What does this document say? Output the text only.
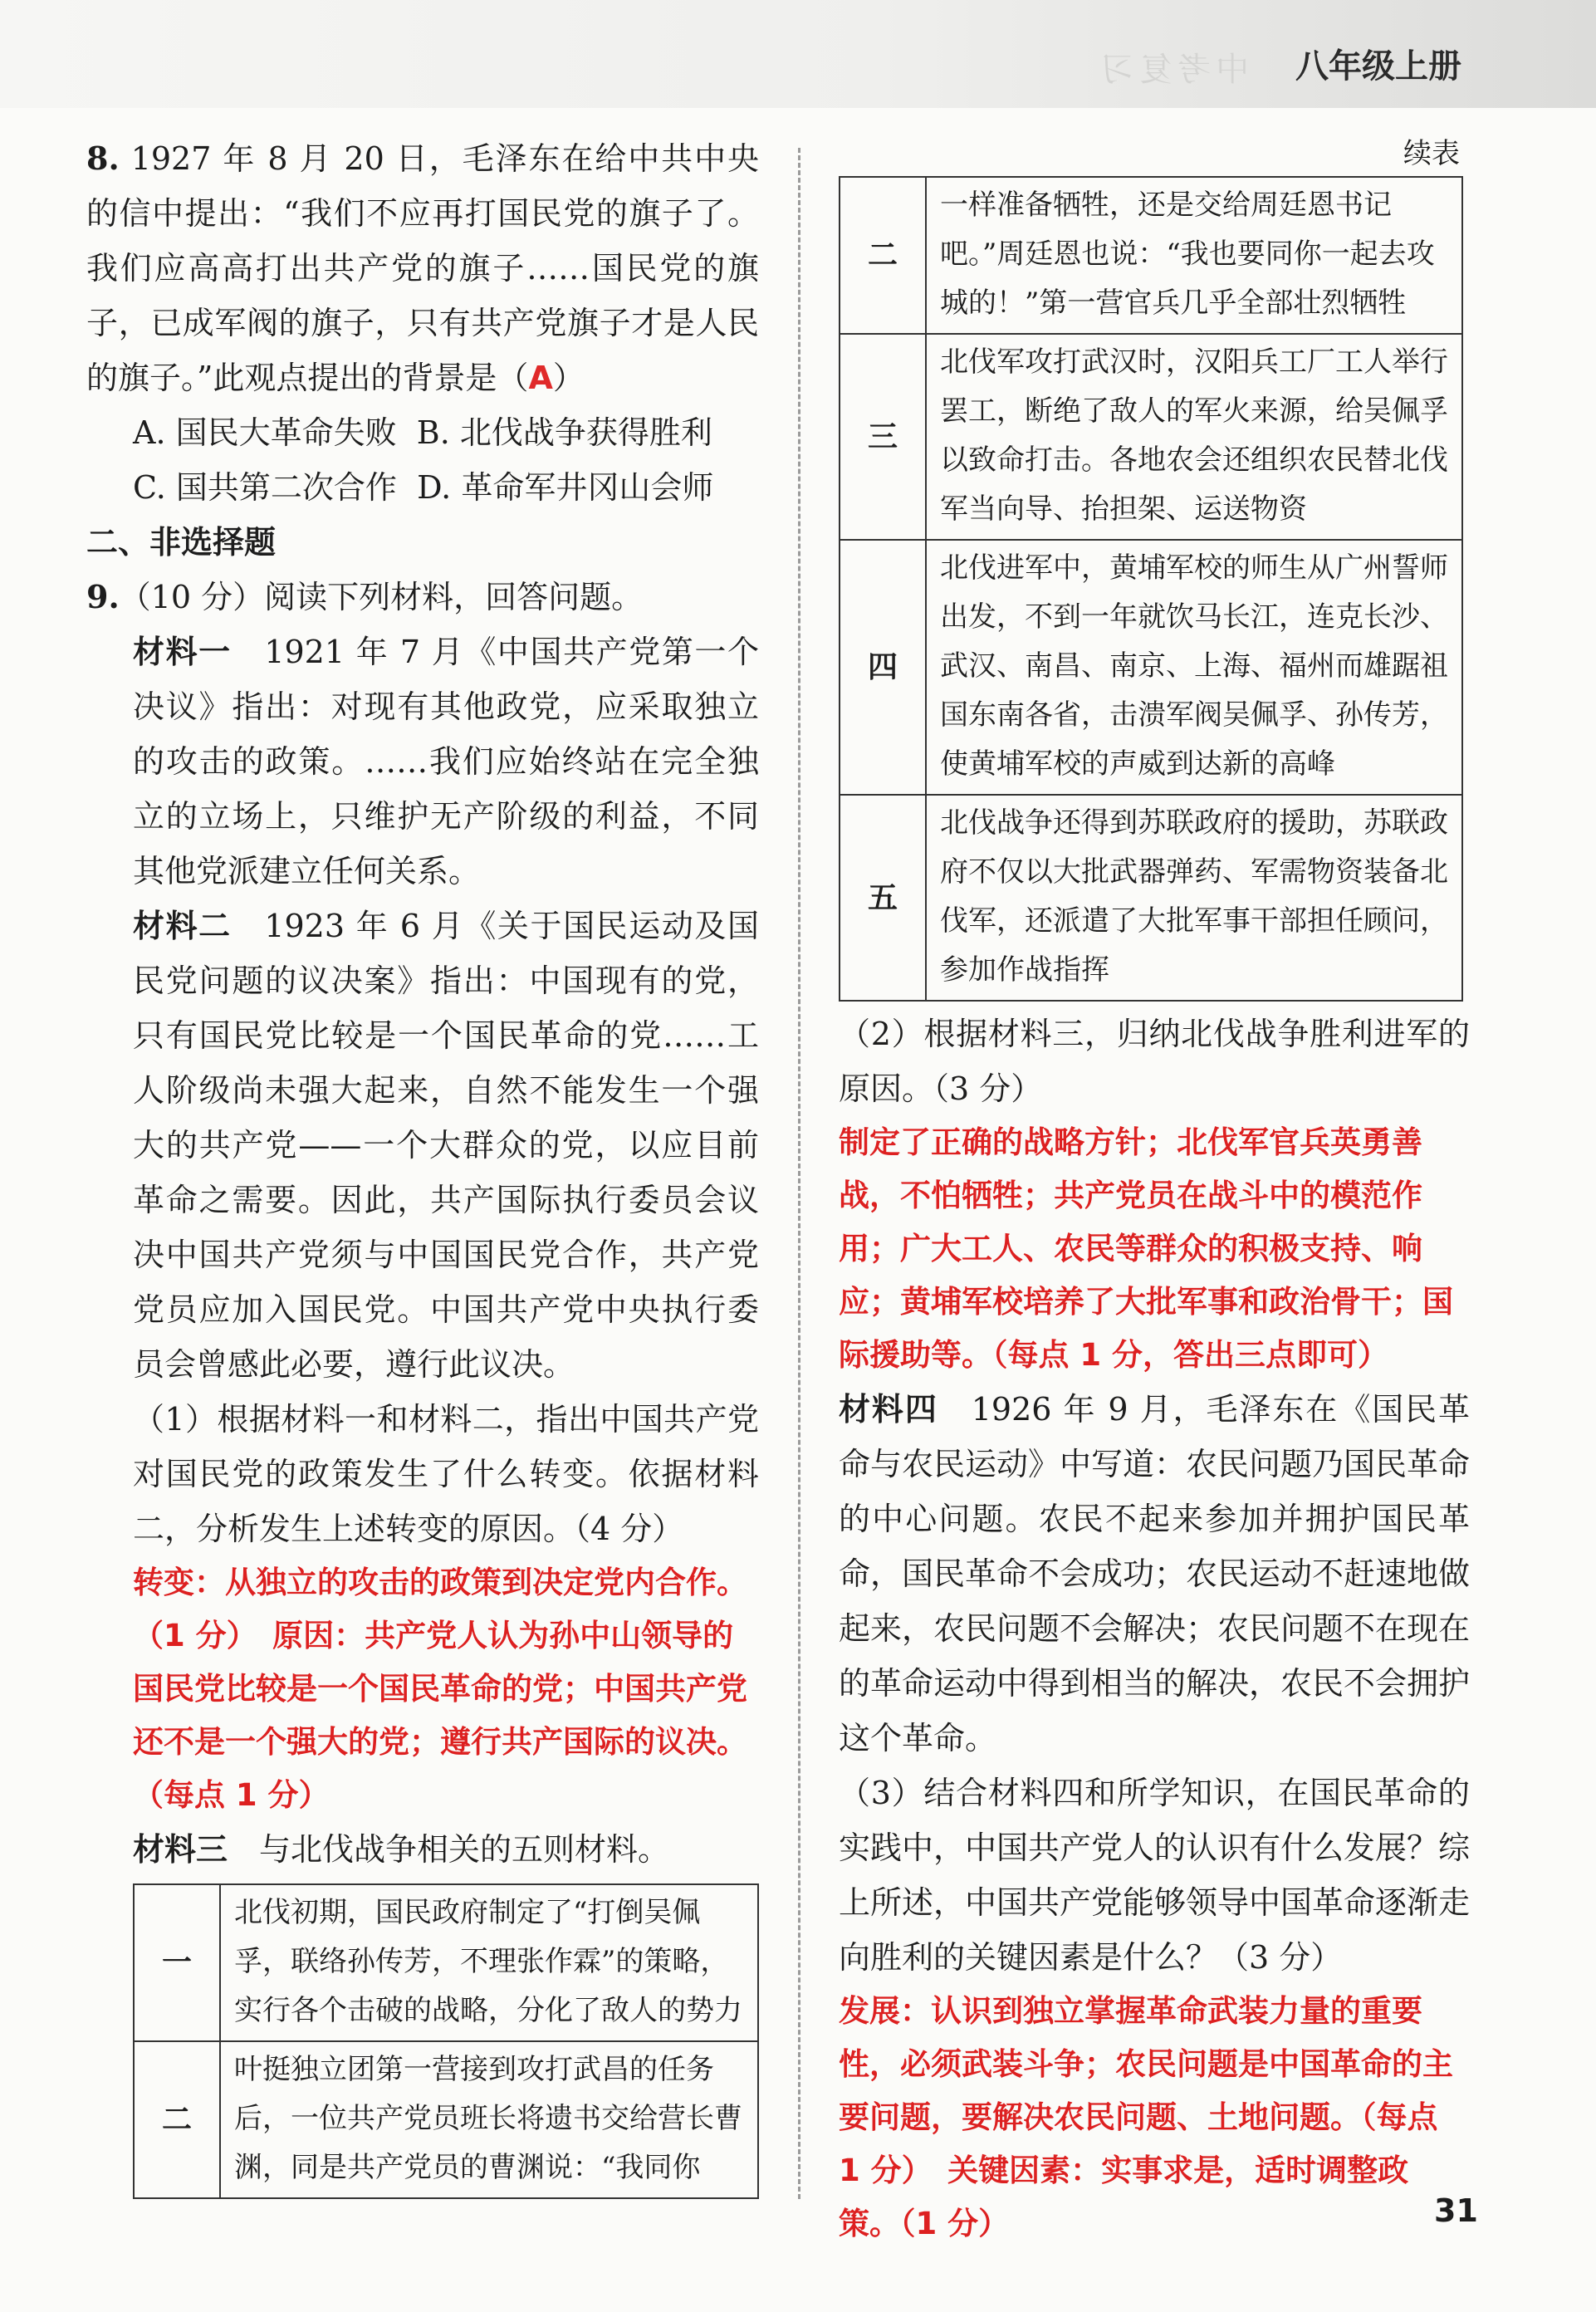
中考复习 八年级上册

8. 1927 年 8 月 20 日，毛泽东在给中共中央的信中提出：“我们不应再打国民党的旗子了。我们应高高打出共产党的旗子……国民党的旗子，已成军阀的旗子，只有共产党旗子才是人民的旗子。”此观点提出的背景是（A）

A. 国民大革命失败 B. 北伐战争获得胜利

C. 国共第二次合作 D. 革命军井冈山会师

二、非选择题

9.（10 分）阅读下列材料，回答问题。

材料一　1921 年 7 月《中国共产党第一个决议》指出：对现有其他政党，应采取独立的攻击的政策。……我们应始终站在完全独立的立场上，只维护无产阶级的利益，不同其他党派建立任何关系。

材料二　1923 年 6 月《关于国民运动及国民党问题的议决案》指出：中国现有的党，只有国民党比较是一个国民革命的党……工人阶级尚未强大起来，自然不能发生一个强大的共产党——一个大群众的党，以应目前革命之需要。因此，共产国际执行委员会议决中国共产党须与中国国民党合作，共产党党员应加入国民党。中国共产党中央执行委员会曾感此必要，遵行此议决。

（1）根据材料一和材料二，指出中国共产党对国民党的政策发生了什么转变。依据材料二，分析发生上述转变的原因。（4 分）

转变：从独立的攻击的政策到决定党内合作。（1 分）　原因：共产党人认为孙中山领导的国民党比较是一个国民革命的党；中国共产党还不是一个强大的党；遵行共产国际的议决。（每点 1 分）

材料三　与北伐战争相关的五则材料。

一	北伐初期，国民政府制定了“打倒吴佩孚，联络孙传芳，不理张作霖”的策略，实行各个击破的战略，分化了敌人的势力
二	叶挺独立团第一营接到攻打武昌的任务后，一位共产党员班长将遗书交给营长曹渊，同是共产党员的曹渊说：“我同你

续表

二	一样准备牺牲，还是交给周廷恩书记吧。”周廷恩也说：“我也要同你一起去攻城的！”第一营官兵几乎全部壮烈牺牲
三	北伐军攻打武汉时，汉阳兵工厂工人举行罢工，断绝了敌人的军火来源，给吴佩孚以致命打击。各地农会还组织农民替北伐军当向导、抬担架、运送物资
四	北伐进军中，黄埔军校的师生从广州誓师出发，不到一年就饮马长江，连克长沙、武汉、南昌、南京、上海、福州而雄踞祖国东南各省，击溃军阀吴佩孚、孙传芳，使黄埔军校的声威到达新的高峰
五	北伐战争还得到苏联政府的援助，苏联政府不仅以大批武器弹药、军需物资装备北伐军，还派遣了大批军事干部担任顾问，参加作战指挥

（2）根据材料三，归纳北伐战争胜利进军的原因。（3 分）

制定了正确的战略方针；北伐军官兵英勇善战，不怕牺牲；共产党员在战斗中的模范作用；广大工人、农民等群众的积极支持、响应；黄埔军校培养了大批军事和政治骨干；国际援助等。（每点 1 分，答出三点即可）

材料四　1926 年 9 月，毛泽东在《国民革命与农民运动》中写道：农民问题乃国民革命的中心问题。农民不起来参加并拥护国民革命，国民革命不会成功；农民运动不赶速地做起来，农民问题不会解决；农民问题不在现在的革命运动中得到相当的解决，农民不会拥护这个革命。

（3）结合材料四和所学知识，在国民革命的实践中，中国共产党人的认识有什么发展？综上所述，中国共产党能够领导中国革命逐渐走向胜利的关键因素是什么？（3 分）

发展：认识到独立掌握革命武装力量的重要性，必须武装斗争；农民问题是中国革命的主要问题，要解决农民问题、土地问题。（每点 1 分）　关键因素：实事求是，适时调整政策。（1 分）	31
